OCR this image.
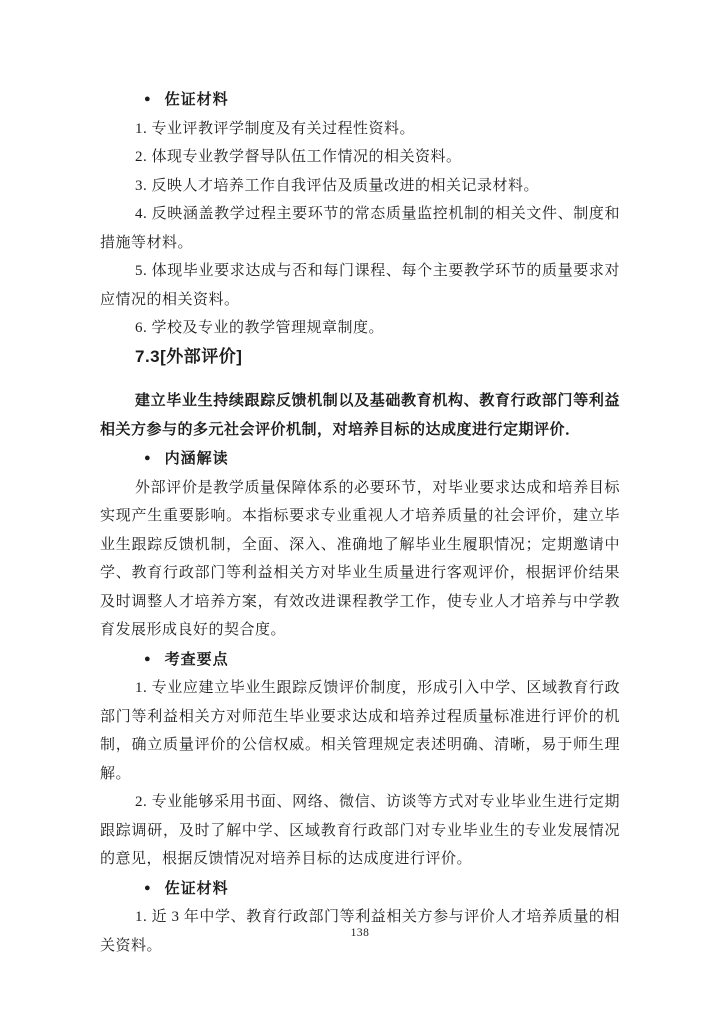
● 佐证材料
1. 专业评教评学制度及有关过程性资料。
2. 体现专业教学督导队伍工作情况的相关资料。
3. 反映人才培养工作自我评估及质量改进的相关记录材料。
4. 反映涵盖教学过程主要环节的常态质量监控机制的相关文件、制度和措施等材料。
5. 体现毕业要求达成与否和每门课程、每个主要教学环节的质量要求对应情况的相关资料。
6. 学校及专业的教学管理规章制度。
7.3[外部评价]
建立毕业生持续跟踪反馈机制以及基础教育机构、教育行政部门等利益相关方参与的多元社会评价机制，对培养目标的达成度进行定期评价．
● 内涵解读
外部评价是教学质量保障体系的必要环节，对毕业要求达成和培养目标实现产生重要影响。本指标要求专业重视人才培养质量的社会评价，建立毕业生跟踪反馈机制，全面、深入、准确地了解毕业生履职情况；定期邀请中学、教育行政部门等利益相关方对毕业生质量进行客观评价，根据评价结果及时调整人才培养方案，有效改进课程教学工作，使专业人才培养与中学教育发展形成良好的契合度。
● 考查要点
1. 专业应建立毕业生跟踪反馈评价制度，形成引入中学、区域教育行政部门等利益相关方对师范生毕业要求达成和培养过程质量标准进行评价的机制，确立质量评价的公信权威。相关管理规定表述明确、清晰，易于师生理解。
2. 专业能够采用书面、网络、微信、访谈等方式对专业毕业生进行定期跟踪调研，及时了解中学、区域教育行政部门对专业毕业生的专业发展情况的意见，根据反馈情况对培养目标的达成度进行评价。
● 佐证材料
1. 近 3 年中学、教育行政部门等利益相关方参与评价人才培养质量的相关资料。
138
